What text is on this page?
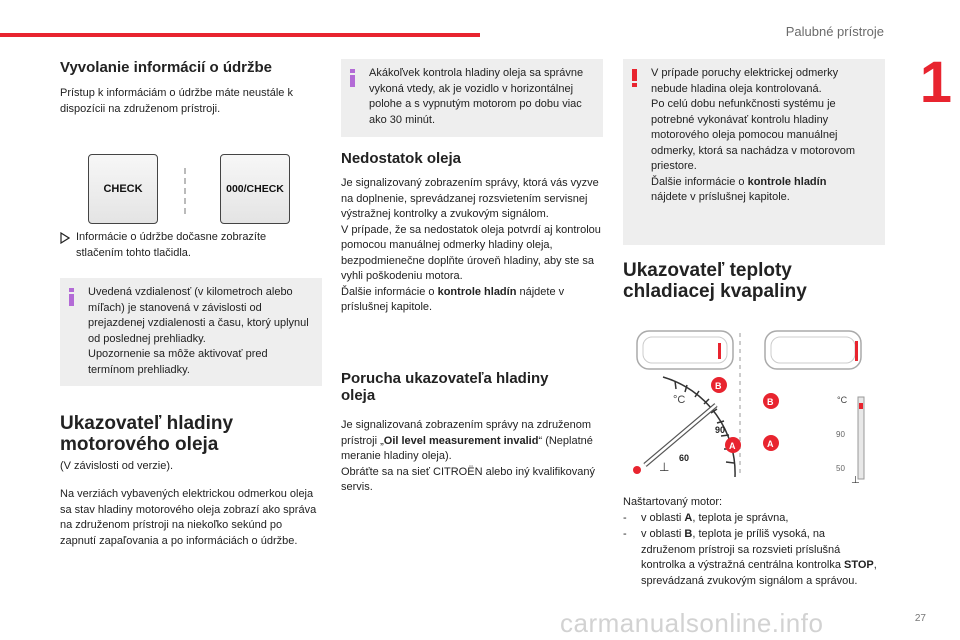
Palubné prístroje
1
27
carmanualsonline.info
Vyvolanie informácií o údržbe

Prístup k informáciám o údržbe máte neustále k dispozícii na združenom prístroji.

CHECK	000/CHECK

Informácie o údržbe dočasne zobrazíte stlačením tohto tlačidla.

Uvedená vzdialenosť (v kilometroch alebo míľach) je stanovená v závislosti od prejazdenej vzdialenosti a času, ktorý uplynul od poslednej prehliadky.
Upozornenie sa môže aktivovať pred termínom prehliadky.
Ukazovateľ hladiny motorového oleja

(V závislosti od verzie).

Na verziách vybavených elektrickou odmerkou oleja sa stav hladiny motorového oleja zobrazí ako správa na združenom prístroji na niekoľko sekúnd po zapnutí zapaľovania a po informáciách o údržbe.

Akákoľvek kontrola hladiny oleja sa správne vykoná vtedy, ak je vozidlo v horizontálnej polohe a s vypnutým motorom po dobu viac ako 30 minút.
Nedostatok oleja

Je signalizovaný zobrazením správy, ktorá vás vyzve na doplnenie, sprevádzanej rozsvietením servisnej výstražnej kontrolky a zvukovým signálom.
V prípade, že sa nedostatok oleja potvrdí aj kontrolou pomocou manuálnej odmerky hladiny oleja, bezpodmienečne doplňte úroveň hladiny, aby ste sa vyhli poškodeniu motora.
Ďalšie informácie o kontrole hladín nájdete v príslušnej kapitole.

Porucha ukazovateľa hladiny oleja

Je signalizovaná zobrazením správy na združenom prístroji „Oil level measurement invalid“ (Neplatné meranie hladiny oleja).
Obráťte sa na sieť CITROËN alebo iný kvalifikovaný servis.

V prípade poruchy elektrickej odmerky nebude hladina oleja kontrolovaná.
Po celú dobu nefunkčnosti systému je potrebné vykonávať kontrolu hladiny motorového oleja pomocou manuálnej odmerky, ktorá sa nachádza v motorovom priestore.
Ďalšie informácie o kontrole hladín
nájdete v príslušnej kapitole.
Ukazovateľ teploty chladiacej kvapaliny
°C
90
60
⊥
B
A
°C
90
50
⊥
B
A

Naštartovaný motor:

- v oblasti A, teplota je správna,
- v oblasti B, teplota je príliš vysoká, na združenom prístroji sa rozsvieti príslušná kontrolka a výstražná centrálna kontrolka STOP, sprevádzaná zvukovým signálom a správou.
